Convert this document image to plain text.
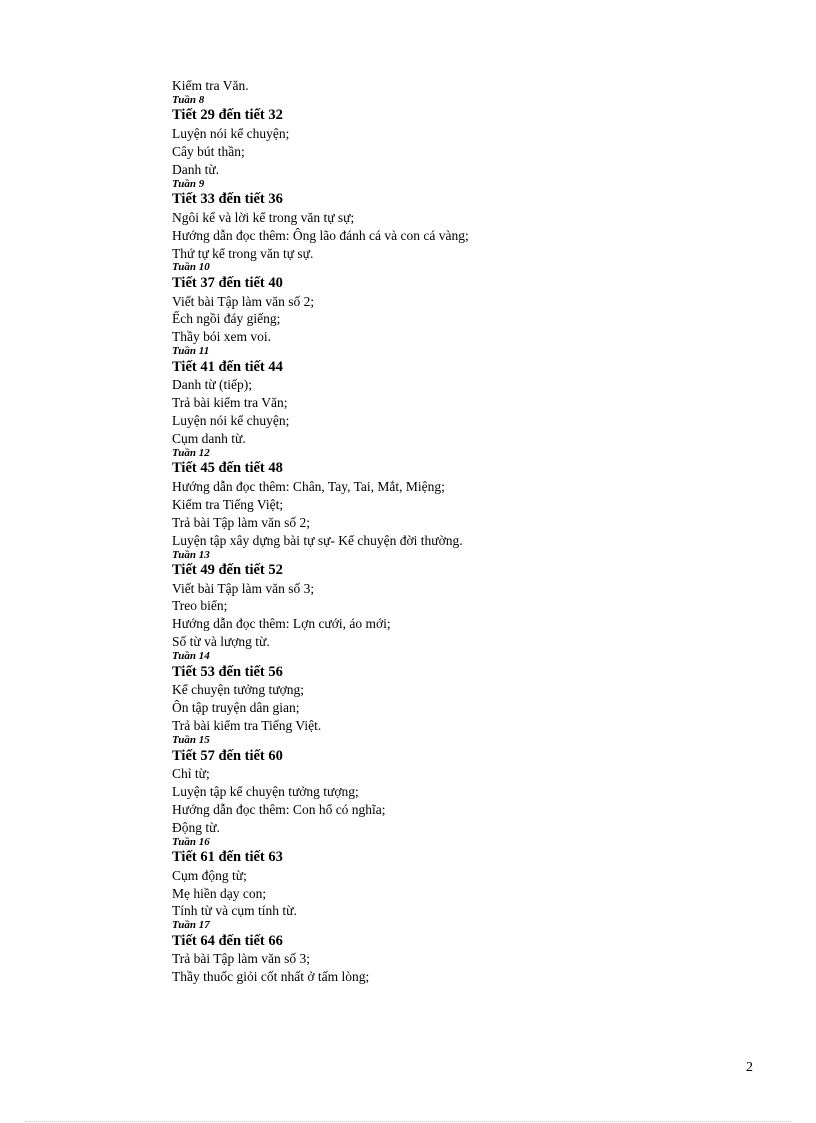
Kiểm tra Văn.
Tuần 8
Tiết 29 đến tiết 32
Luyện nói kể chuyện;
Cây bút thần;
Danh từ.
Tuần 9
Tiết 33 đến tiết 36
Ngôi kể và lời kể trong văn tự sự;
Hướng dẫn đọc thêm: Ông lão đánh cá và con cá vàng;
Thứ tự kể trong văn tự sự.
Tuần 10
Tiết 37 đến tiết 40
Viết bài Tập làm văn số 2;
Ếch ngồi đáy giếng;
Thầy bói xem voi.
Tuần 11
Tiết 41 đến tiết 44
Danh từ (tiếp);
Trả bài kiểm tra Văn;
Luyện nói kể chuyện;
Cụm danh từ.
Tuần 12
Tiết 45 đến tiết 48
Hướng dẫn đọc thêm: Chân, Tay, Tai, Mắt, Miệng;
Kiểm tra Tiếng Việt;
Trả bài Tập làm văn số 2;
Luyện tập xây dựng bài tự sự- Kể chuyện đời thường.
Tuần 13
Tiết 49 đến tiết 52
Viết bài Tập làm văn số 3;
Treo biển;
Hướng dẫn đọc thêm: Lợn cưới, áo mới;
Số từ và lượng từ.
Tuần 14
Tiết 53 đến tiết 56
Kể chuyện tưởng tượng;
Ôn tập truyện dân gian;
Trả bài kiểm tra Tiếng Việt.
Tuần 15
Tiết 57 đến tiết 60
Chỉ từ;
Luyện tập kể chuyện tưởng tượng;
Hướng dẫn đọc thêm: Con hổ có nghĩa;
Động từ.
Tuần 16
Tiết 61 đến tiết 63
Cụm động từ;
Mẹ hiền dạy con;
Tính từ và cụm tính từ.
Tuần 17
Tiết 64 đến tiết 66
Trả bài Tập làm văn số 3;
Thầy thuốc giỏi cốt nhất ở tấm lòng;
2
